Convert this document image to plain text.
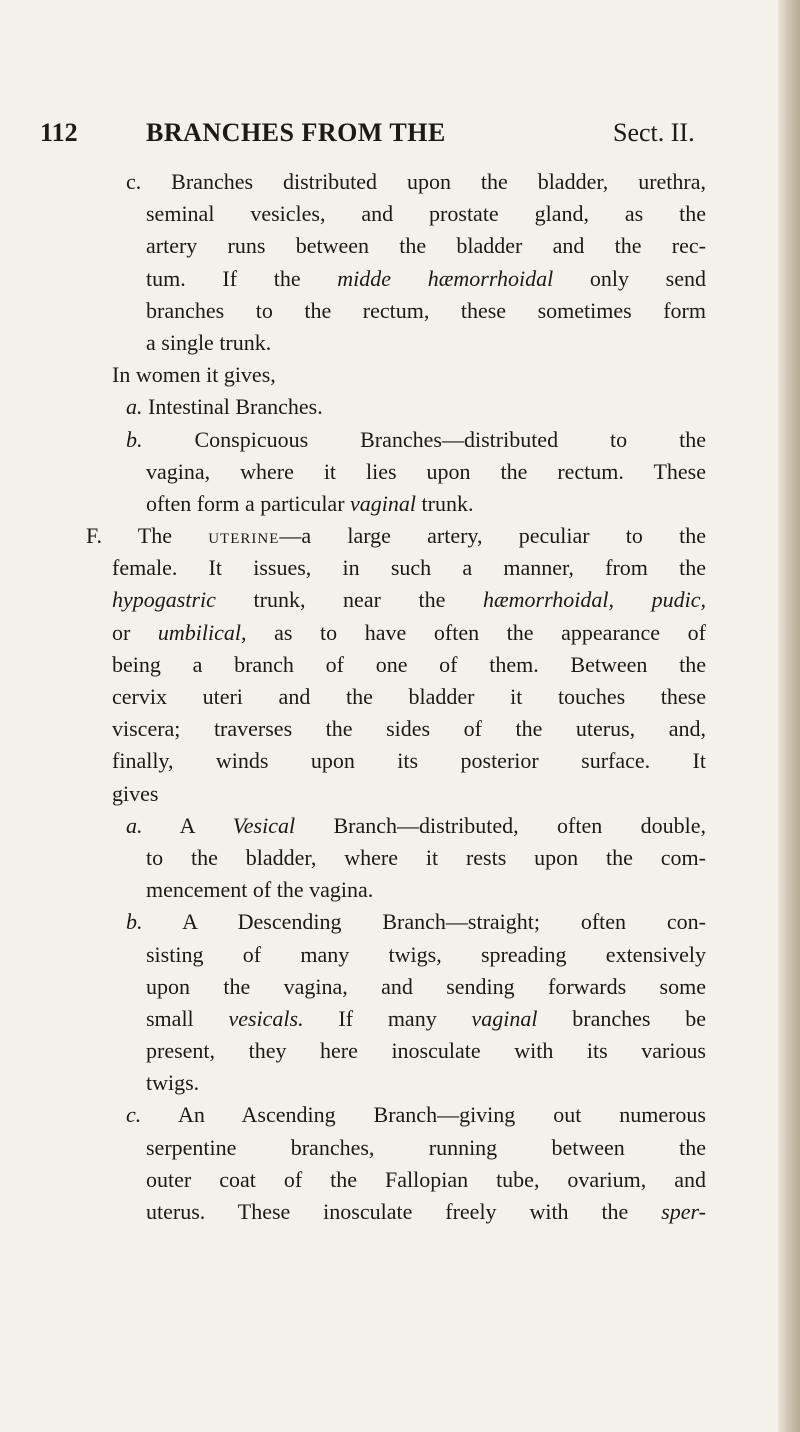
112	BRANCHES FROM THE	Sect. II.
c. Branches distributed upon the bladder, urethra,
seminal vesicles, and prostate gland, as the
artery runs between the bladder and the rec-
tum. If the midde hæmorrhoidal only send
branches to the rectum, these sometimes form
a single trunk.
In women it gives,
a. Intestinal Branches.
b. Conspicuous Branches—distributed to the
vagina, where it lies upon the rectum. These
often form a particular vaginal trunk.
F. The uterine—a large artery, peculiar to the
female. It issues, in such a manner, from the
hypogastric trunk, near the hæmorrhoidal, pudic,
or umbilical, as to have often the appearance of
being a branch of one of them. Between the
cervix uteri and the bladder it touches these
viscera; traverses the sides of the uterus, and,
finally, winds upon its posterior surface. It
gives
a. A Vesical Branch—distributed, often double,
to the bladder, where it rests upon the com-
mencement of the vagina.
b. A Descending Branch—straight; often con-
sisting of many twigs, spreading extensively
upon the vagina, and sending forwards some
small vesicals. If many vaginal branches be
present, they here inosculate with its various
twigs.
c. An Ascending Branch—giving out numerous
serpentine branches, running between the
outer coat of the Fallopian tube, ovarium, and
uterus. These inosculate freely with the sper-
